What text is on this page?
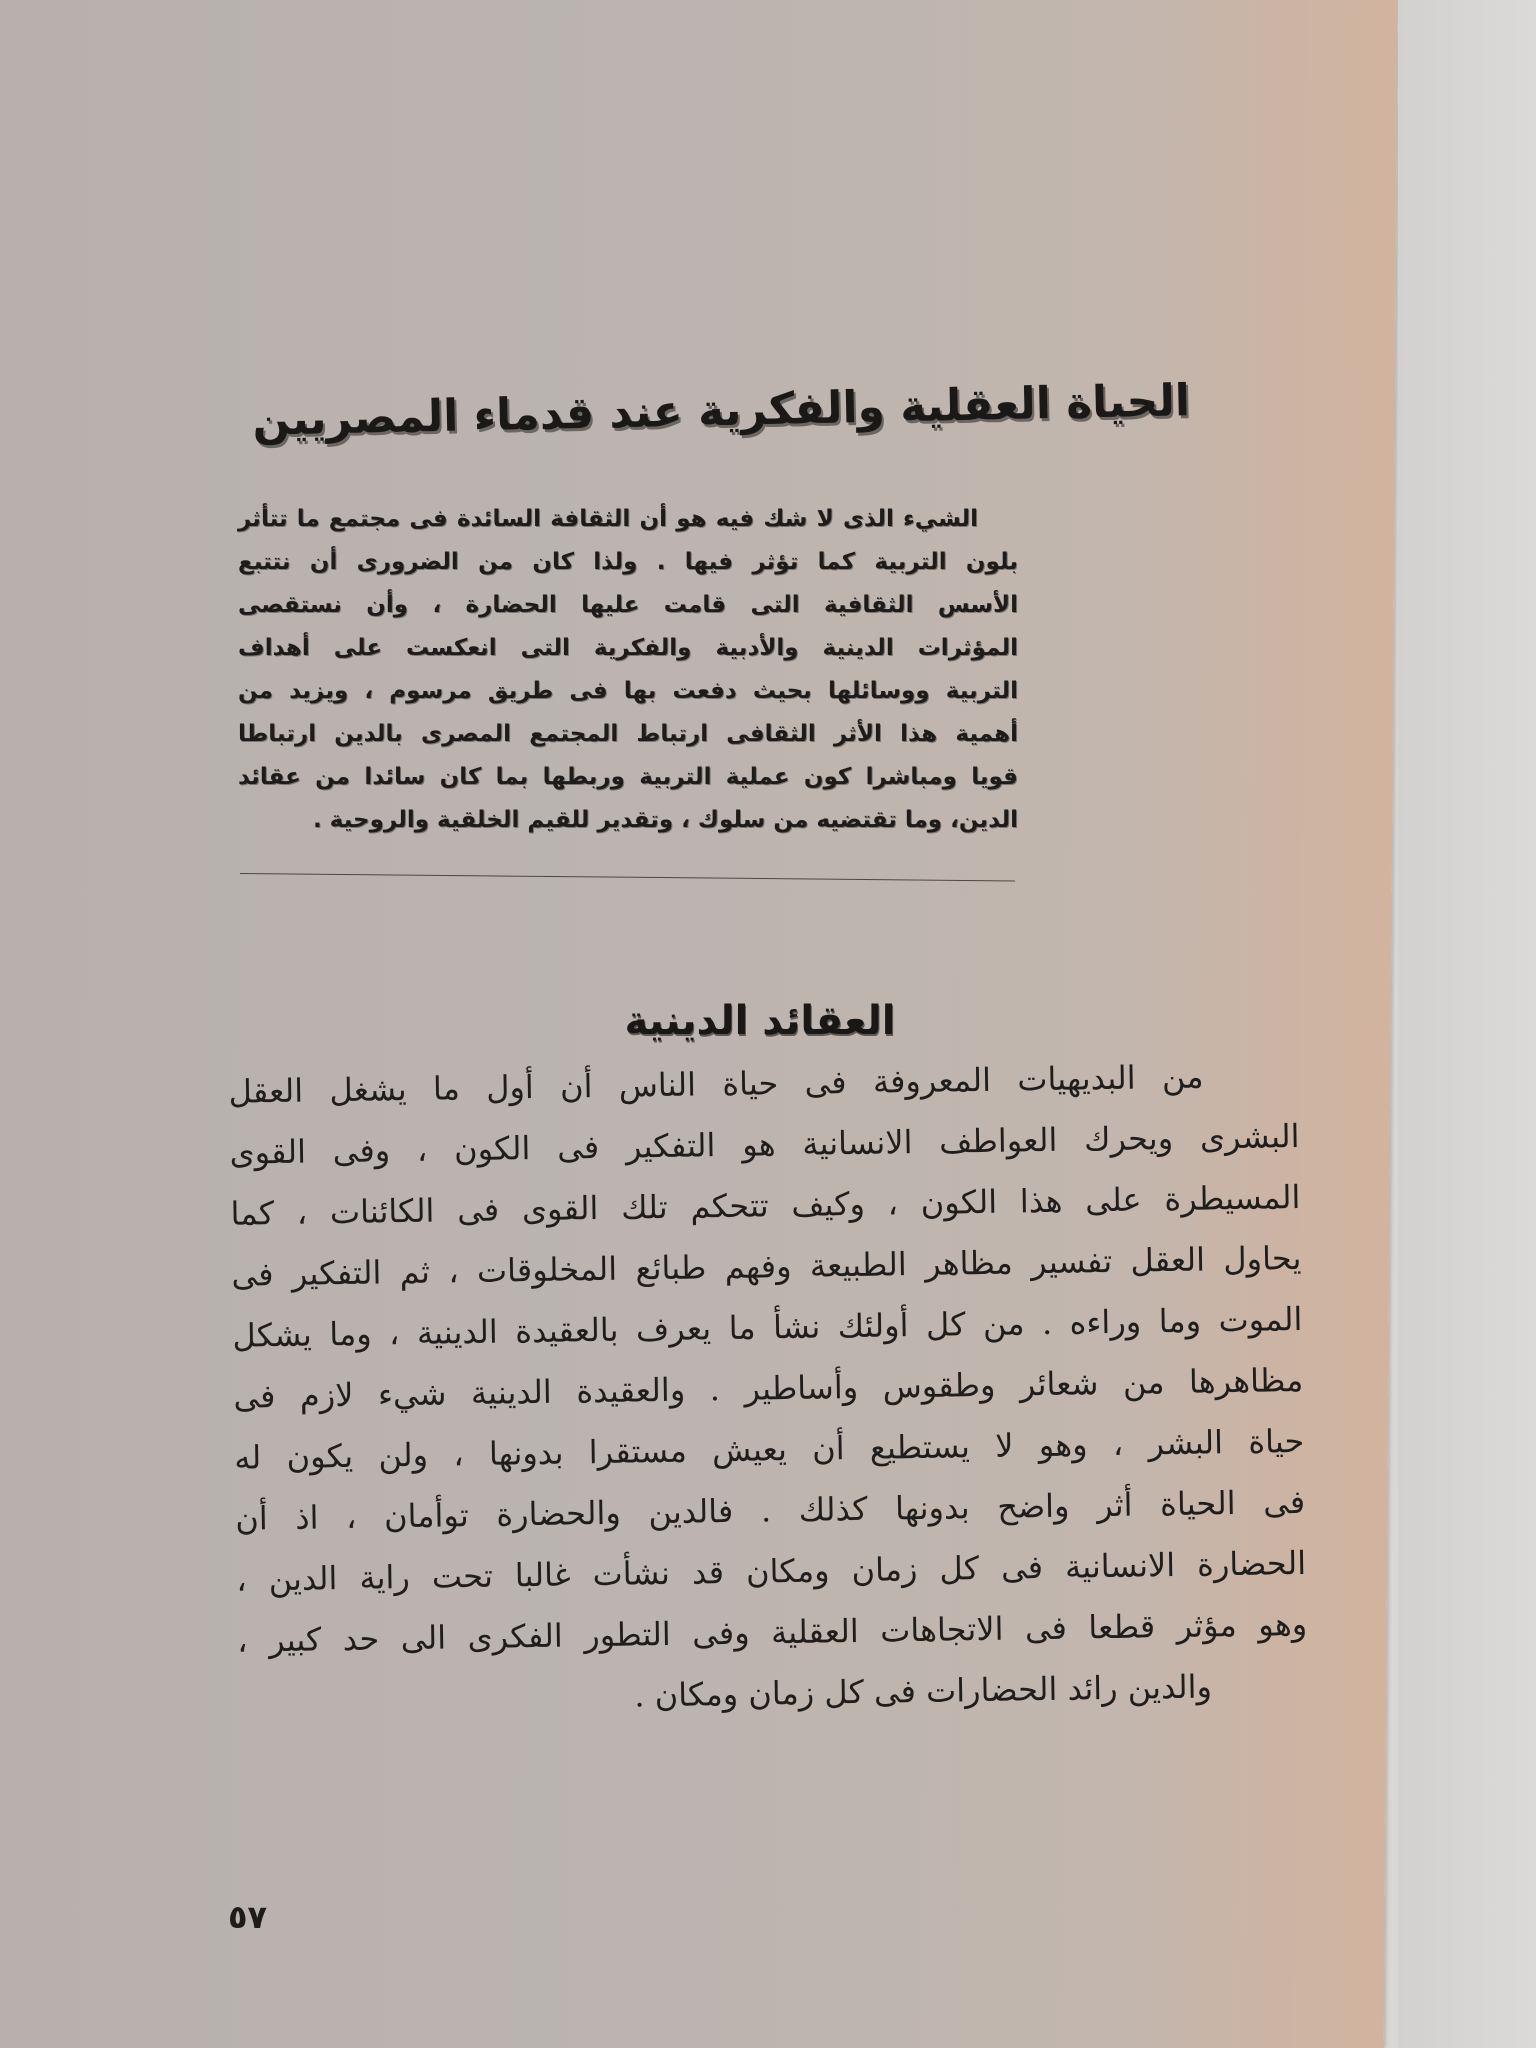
الحياة العقلية والفكرية عند قدماء المصريين
الشيء الذى لا شك فيه هو أن الثقافة السائدة فى مجتمع ما تتأثر
بلون التربية كما تؤثر فيها . ولذا كان من الضرورى أن نتتبع
الأسس الثقافية التى قامت عليها الحضارة ، وأن نستقصى
المؤثرات الدينية والأدبية والفكرية التى انعكست على أهداف
التربية ووسائلها بحيث دفعت بها فى طريق مرسوم ، ويزيد من
أهمية هذا الأثر الثقافى ارتباط المجتمع المصرى بالدين ارتباطا
قويا ومباشرا كون عملية التربية وربطها بما كان سائدا من عقائد
الدين، وما تقتضيه من سلوك ، وتقدير للقيم الخلقية والروحية .
العقائد الدينية
من البديهيات المعروفة فى حياة الناس أن أول ما يشغل العقل
البشرى ويحرك العواطف الانسانية هو التفكير فى الكون ، وفى القوى
المسيطرة على هذا الكون ، وكيف تتحكم تلك القوى فى الكائنات ، كما
يحاول العقل تفسير مظاهر الطبيعة وفهم طبائع المخلوقات ، ثم التفكير فى
الموت وما وراءه . من كل أولئك نشأ ما يعرف بالعقيدة الدينية ، وما يشكل
مظاهرها من شعائر وطقوس وأساطير . والعقيدة الدينية شيء لازم فى
حياة البشر ، وهو لا يستطيع أن يعيش مستقرا بدونها ، ولن يكون له
فى الحياة أثر واضح بدونها كذلك . فالدين والحضارة توأمان ، اذ أن
الحضارة الانسانية فى كل زمان ومكان قد نشأت غالبا تحت راية الدين ،
وهو مؤثر قطعا فى الاتجاهات العقلية وفى التطور الفكرى الى حد كبير ،
والدين رائد الحضارات فى كل زمان ومكان .
٥٧
